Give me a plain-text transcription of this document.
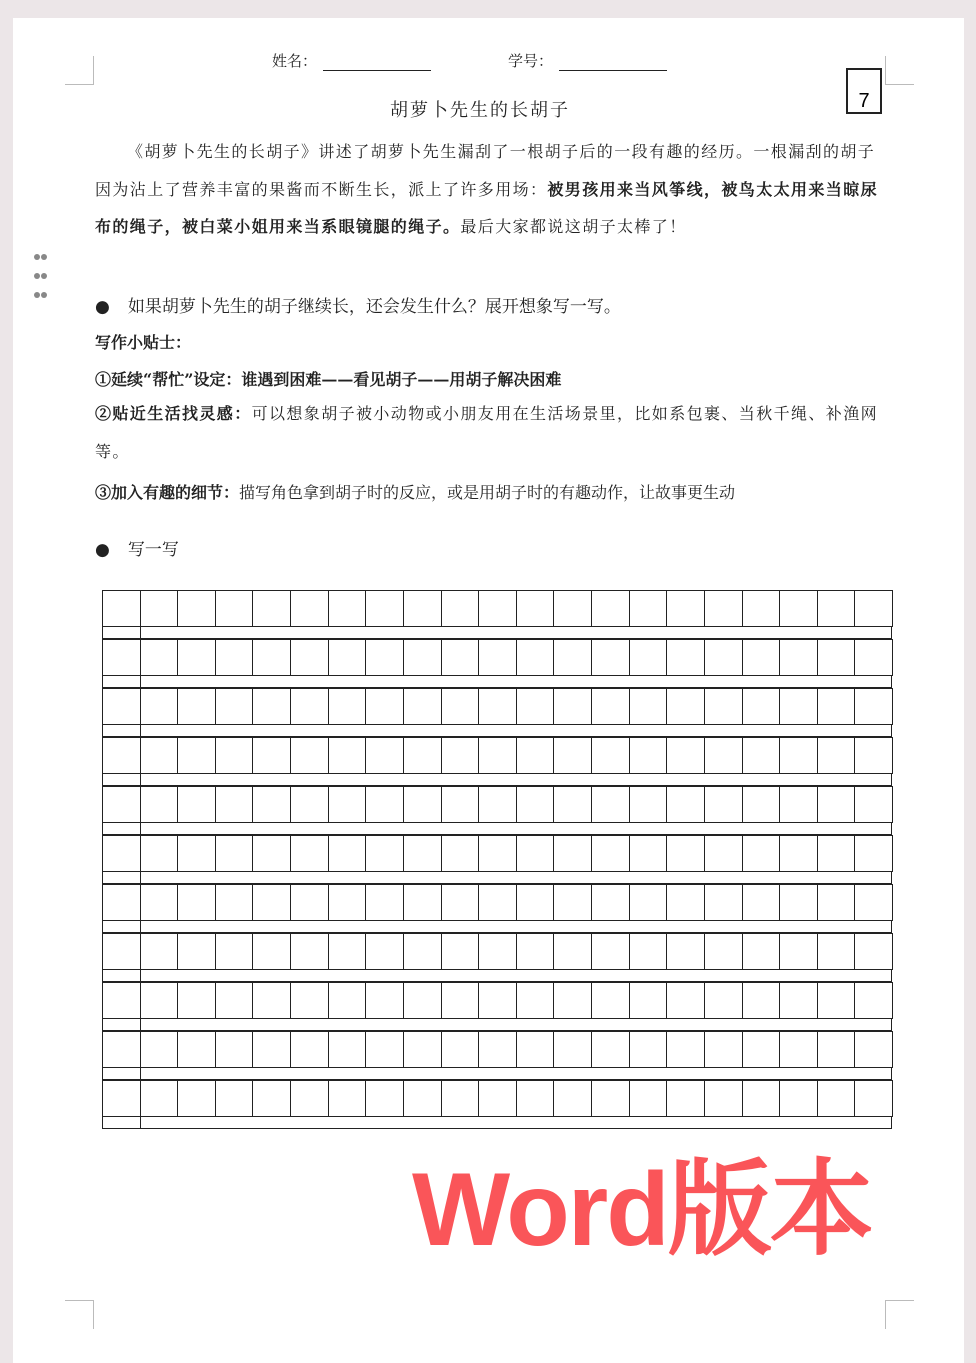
姓名：	学号：
7
胡萝卜先生的长胡子
《胡萝卜先生的长胡子》讲述了胡萝卜先生漏刮了一根胡子后的一段有趣的经历。一根漏刮的胡子因为沾上了营养丰富的果酱而不断生长，派上了许多用场：被男孩用来当风筝线，被鸟太太用来当晾尿布的绳子，被白菜小姐用来当系眼镜腿的绳子。最后大家都说这胡子太棒了！
● 如果胡萝卜先生的胡子继续长，还会发生什么？展开想象写一写。
写作小贴士：
①延续“帮忙”设定：谁遇到困难——看见胡子——用胡子解决困难
②贴近生活找灵感：可以想象胡子被小动物或小朋友用在生活场景里，比如系包裹、当秋千绳、补渔网等。
③加入有趣的细节：描写角色拿到胡子时的反应，或是用胡子时的有趣动作，让故事更生动
● 写一写
Word版本
